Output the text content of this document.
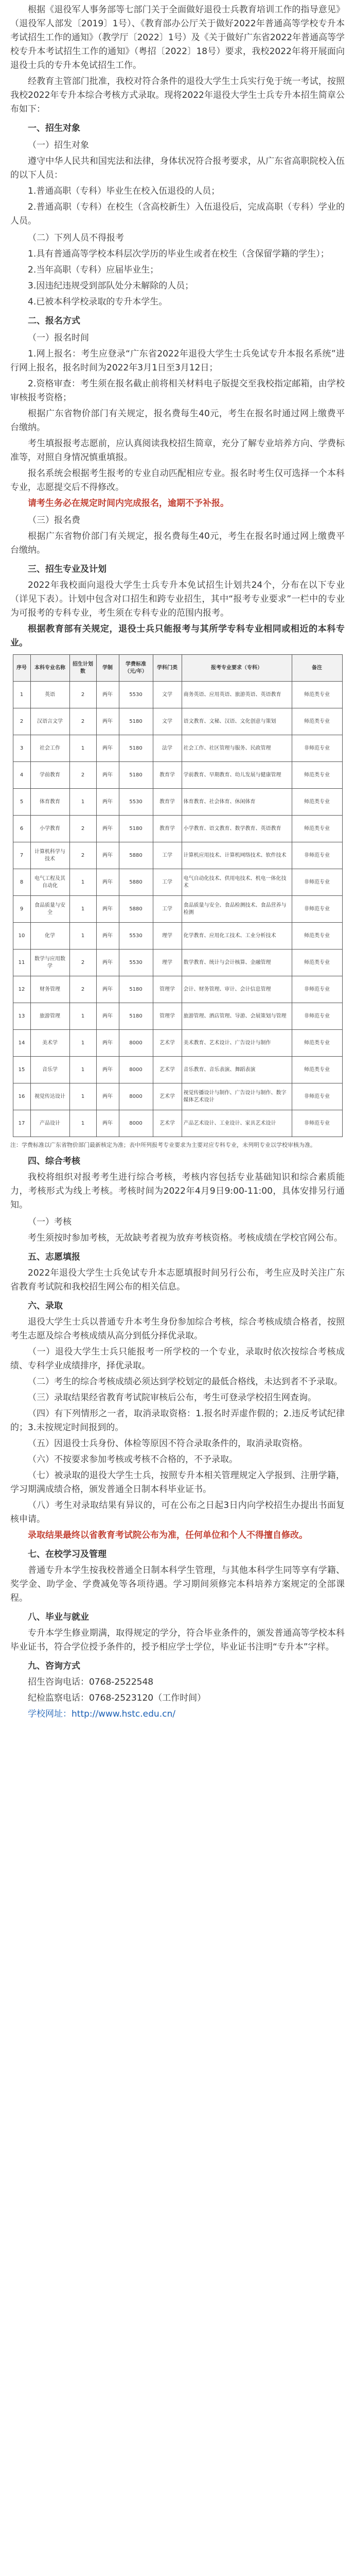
根据《退役军人事务部等七部门关于全面做好退役士兵教育培训工作的指导意见》（退役军人部发〔2019〕1号）、《教育部办公厅关于做好2022年普通高等学校专升本考试招生工作的通知》（教学厅〔2022〕1号）及《关于做好广东省2022年普通高等学校专升本考试招生工作的通知》（粤招〔2022〕18号）要求，我校2022年将开展面向退役士兵的专升本免试招生工作。

经教育主管部门批准，我校对符合条件的退役大学生士兵实行免于统一考试，按照我校2022年专升本综合考核方式录取。现将2022年退役大学生士兵专升本招生简章公布如下：

一、招生对象

（一）招生对象

遵守中华人民共和国宪法和法律，身体状况符合报考要求，从广东省高职院校入伍的以下人员：

1.普通高职（专科）毕业生在校入伍退役的人员；

2.普通高职（专科）在校生（含高校新生）入伍退役后，完成高职（专科）学业的人员。

（二）下列人员不得报考

1.具有普通高等学校本科层次学历的毕业生或者在校生（含保留学籍的学生）；

2.当年高职（专科）应届毕业生；

3.因违纪违规受到部队处分未解除的人员；

4.已被本科学校录取的专升本学生。

二、报名方式

（一）报名时间

1.网上报名：考生应登录“广东省2022年退役大学生士兵免试专升本报名系统”进行网上报名，报名时间为2022年3月1日至3月12日；

2.资格审查：考生须在报名截止前将相关材料电子版提交至我校指定邮箱，由学校审核报考资格；

根据广东省物价部门有关规定，报名费每生40元，考生在报名时通过网上缴费平台缴纳。

考生填报报考志愿前，应认真阅读我校招生简章，充分了解专业培养方向、学费标准等，对照自身情况慎重填报。

报名系统会根据考生报考的专业自动匹配相应专业。报名时考生仅可选择一个本科专业，志愿提交后不得修改。

请考生务必在规定时间内完成报名，逾期不予补报。

（三）报名费

根据广东省物价部门有关规定，报名费每生40元，考生在报名时通过网上缴费平台缴纳。

三、招生专业及计划

2022年我校面向退役大学生士兵专升本免试招生计划共24个，分布在以下专业（详见下表）。计划中包含对口招生和跨专业招生，其中“报考专业要求”一栏中的专业为可报考的专科专业，考生须在专科专业的范围内报考。

根据教育部有关规定，退役士兵只能报考与其所学专科专业相同或相近的本科专业。

序号	本科专业名称	招生计划数	学制	学费标准（元/年）	学科门类	报考专业要求（专科）	备注
1	英语	2	两年	5530	文学	商务英语、应用英语、旅游英语、英语教育	师范类专业
2	汉语言文学	2	两年	5180	文学	语文教育、文秘、汉语、文化创意与策划	师范类专业
3	社会工作	1	两年	5180	法学	社会工作、社区管理与服务、民政管理	非师范专业
4	学前教育	2	两年	5180	教育学	学前教育、早期教育、幼儿发展与健康管理	师范类专业
5	体育教育	1	两年	5530	教育学	体育教育、社会体育、休闲体育	师范类专业
6	小学教育	2	两年	5180	教育学	小学教育、语文教育、数学教育、英语教育	师范类专业
7	计算机科学与技术	2	两年	5880	工学	计算机应用技术、计算机网络技术、软件技术	非师范专业
8	电气工程及其自动化	1	两年	5880	工学	电气自动化技术、供用电技术、机电一体化技术	非师范专业
9	食品质量与安全	1	两年	5880	工学	食品质量与安全、食品检测技术、食品营养与检测	非师范专业
10	化学	1	两年	5530	理学	化学教育、应用化工技术、工业分析技术	师范类专业
11	数学与应用数学	2	两年	5530	理学	数学教育、统计与会计核算、金融管理	师范类专业
12	财务管理	2	两年	5180	管理学	会计、财务管理、审计、会计信息管理	非师范专业
13	旅游管理	1	两年	5180	管理学	旅游管理、酒店管理、导游、会展策划与管理	非师范专业
14	美术学	1	两年	8000	艺术学	美术教育、艺术设计、广告设计与制作	师范类专业
15	音乐学	1	两年	8000	艺术学	音乐教育、音乐表演、舞蹈表演	师范类专业
16	视觉传达设计	1	两年	8000	艺术学	视觉传播设计与制作、广告设计与制作、数字媒体艺术设计	非师范专业
17	产品设计	1	两年	8000	艺术学	产品艺术设计、工业设计、家具艺术设计	非师范专业

注：学费标准以广东省物价部门最新核定为准；表中所列报考专业要求为主要对应专科专业，未列明专业以学校审核为准。

四、综合考核

我校将组织对报考考生进行综合考核，考核内容包括专业基础知识和综合素质能力，考核形式为线上考核。考核时间为2022年4月9日9:00-11:00，具体安排另行通知。

（一）考核

考生须按时参加考核，无故缺考者视为放弃考核资格。考核成绩在学校官网公布。

五、志愿填报

2022年退役大学生士兵免试专升本志愿填报时间另行公布，考生应及时关注广东省教育考试院和我校招生网公布的相关信息。

六、录取

退役大学生士兵以普通专升本考生身份参加综合考核，综合考核成绩合格者，按照考生志愿及综合考核成绩从高分到低分择优录取。

（一）退役大学生士兵只能报考一所学校的一个专业，录取时依次按综合考核成绩、专科学业成绩排序，择优录取。

（二）考生的综合考核成绩必须达到学校划定的最低合格线，未达到者不予录取。

（三）录取结果经省教育考试院审核后公布，考生可登录学校招生网查询。

（四）有下列情形之一者，取消录取资格：1.报名时弄虚作假的；2.违反考试纪律的；3.未按规定时间报到的。

（五）因退役士兵身份、体检等原因不符合录取条件的，取消录取资格。

（六）不按要求参加考核或考核不合格的，不予录取。

（七）被录取的退役大学生士兵，按照专升本相关管理规定入学报到、注册学籍，学习期满成绩合格，颁发普通全日制本科毕业证书。

（八）考生对录取结果有异议的，可在公布之日起3日内向学校招生办提出书面复核申请。

录取结果最终以省教育考试院公布为准，任何单位和个人不得擅自修改。

七、在校学习及管理

普通专升本学生按我校普通全日制本科学生管理，与其他本科学生同等享有学籍、奖学金、助学金、学费减免等各项待遇。学习期间须修完本科培养方案规定的全部课程。

八、毕业与就业

专升本学生修业期满，取得规定的学分，符合毕业条件的，颁发普通高等学校本科毕业证书，符合学位授予条件的，授予相应学士学位，毕业证书注明“专升本”字样。

九、咨询方式

招生咨询电话：0768-2522548

纪检监察电话：0768-2523120（工作时间）

学校网址：http://www.hstc.edu.cn/
